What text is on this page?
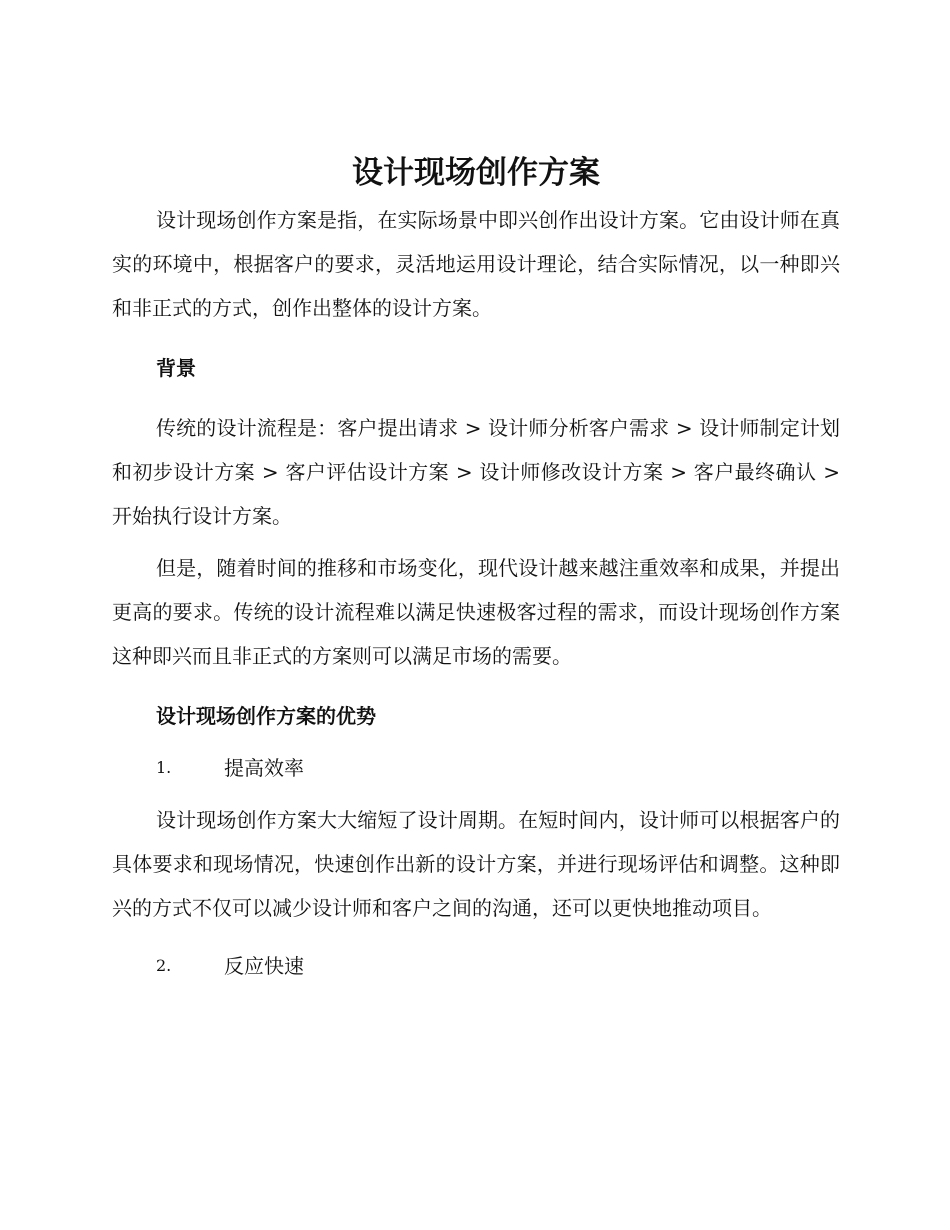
设计现场创作方案

设计现场创作方案是指，在实际场景中即兴创作出设计方案。它由设计师在真实的环境中，根据客户的要求，灵活地运用设计理论，结合实际情况，以一种即兴和非正式的方式，创作出整体的设计方案。

背景

传统的设计流程是：客户提出请求 > 设计师分析客户需求 > 设计师制定计划和初步设计方案 > 客户评估设计方案 > 设计师修改设计方案 > 客户最终确认 > 开始执行设计方案。

但是，随着时间的推移和市场变化，现代设计越来越注重效率和成果，并提出更高的要求。传统的设计流程难以满足快速极客过程的需求，而设计现场创作方案这种即兴而且非正式的方案则可以满足市场的需要。

设计现场创作方案的优势
1.	提高效率

设计现场创作方案大大缩短了设计周期。在短时间内，设计师可以根据客户的具体要求和现场情况，快速创作出新的设计方案，并进行现场评估和调整。这种即兴的方式不仅可以减少设计师和客户之间的沟通，还可以更快地推动项目。

2.	反应快速
